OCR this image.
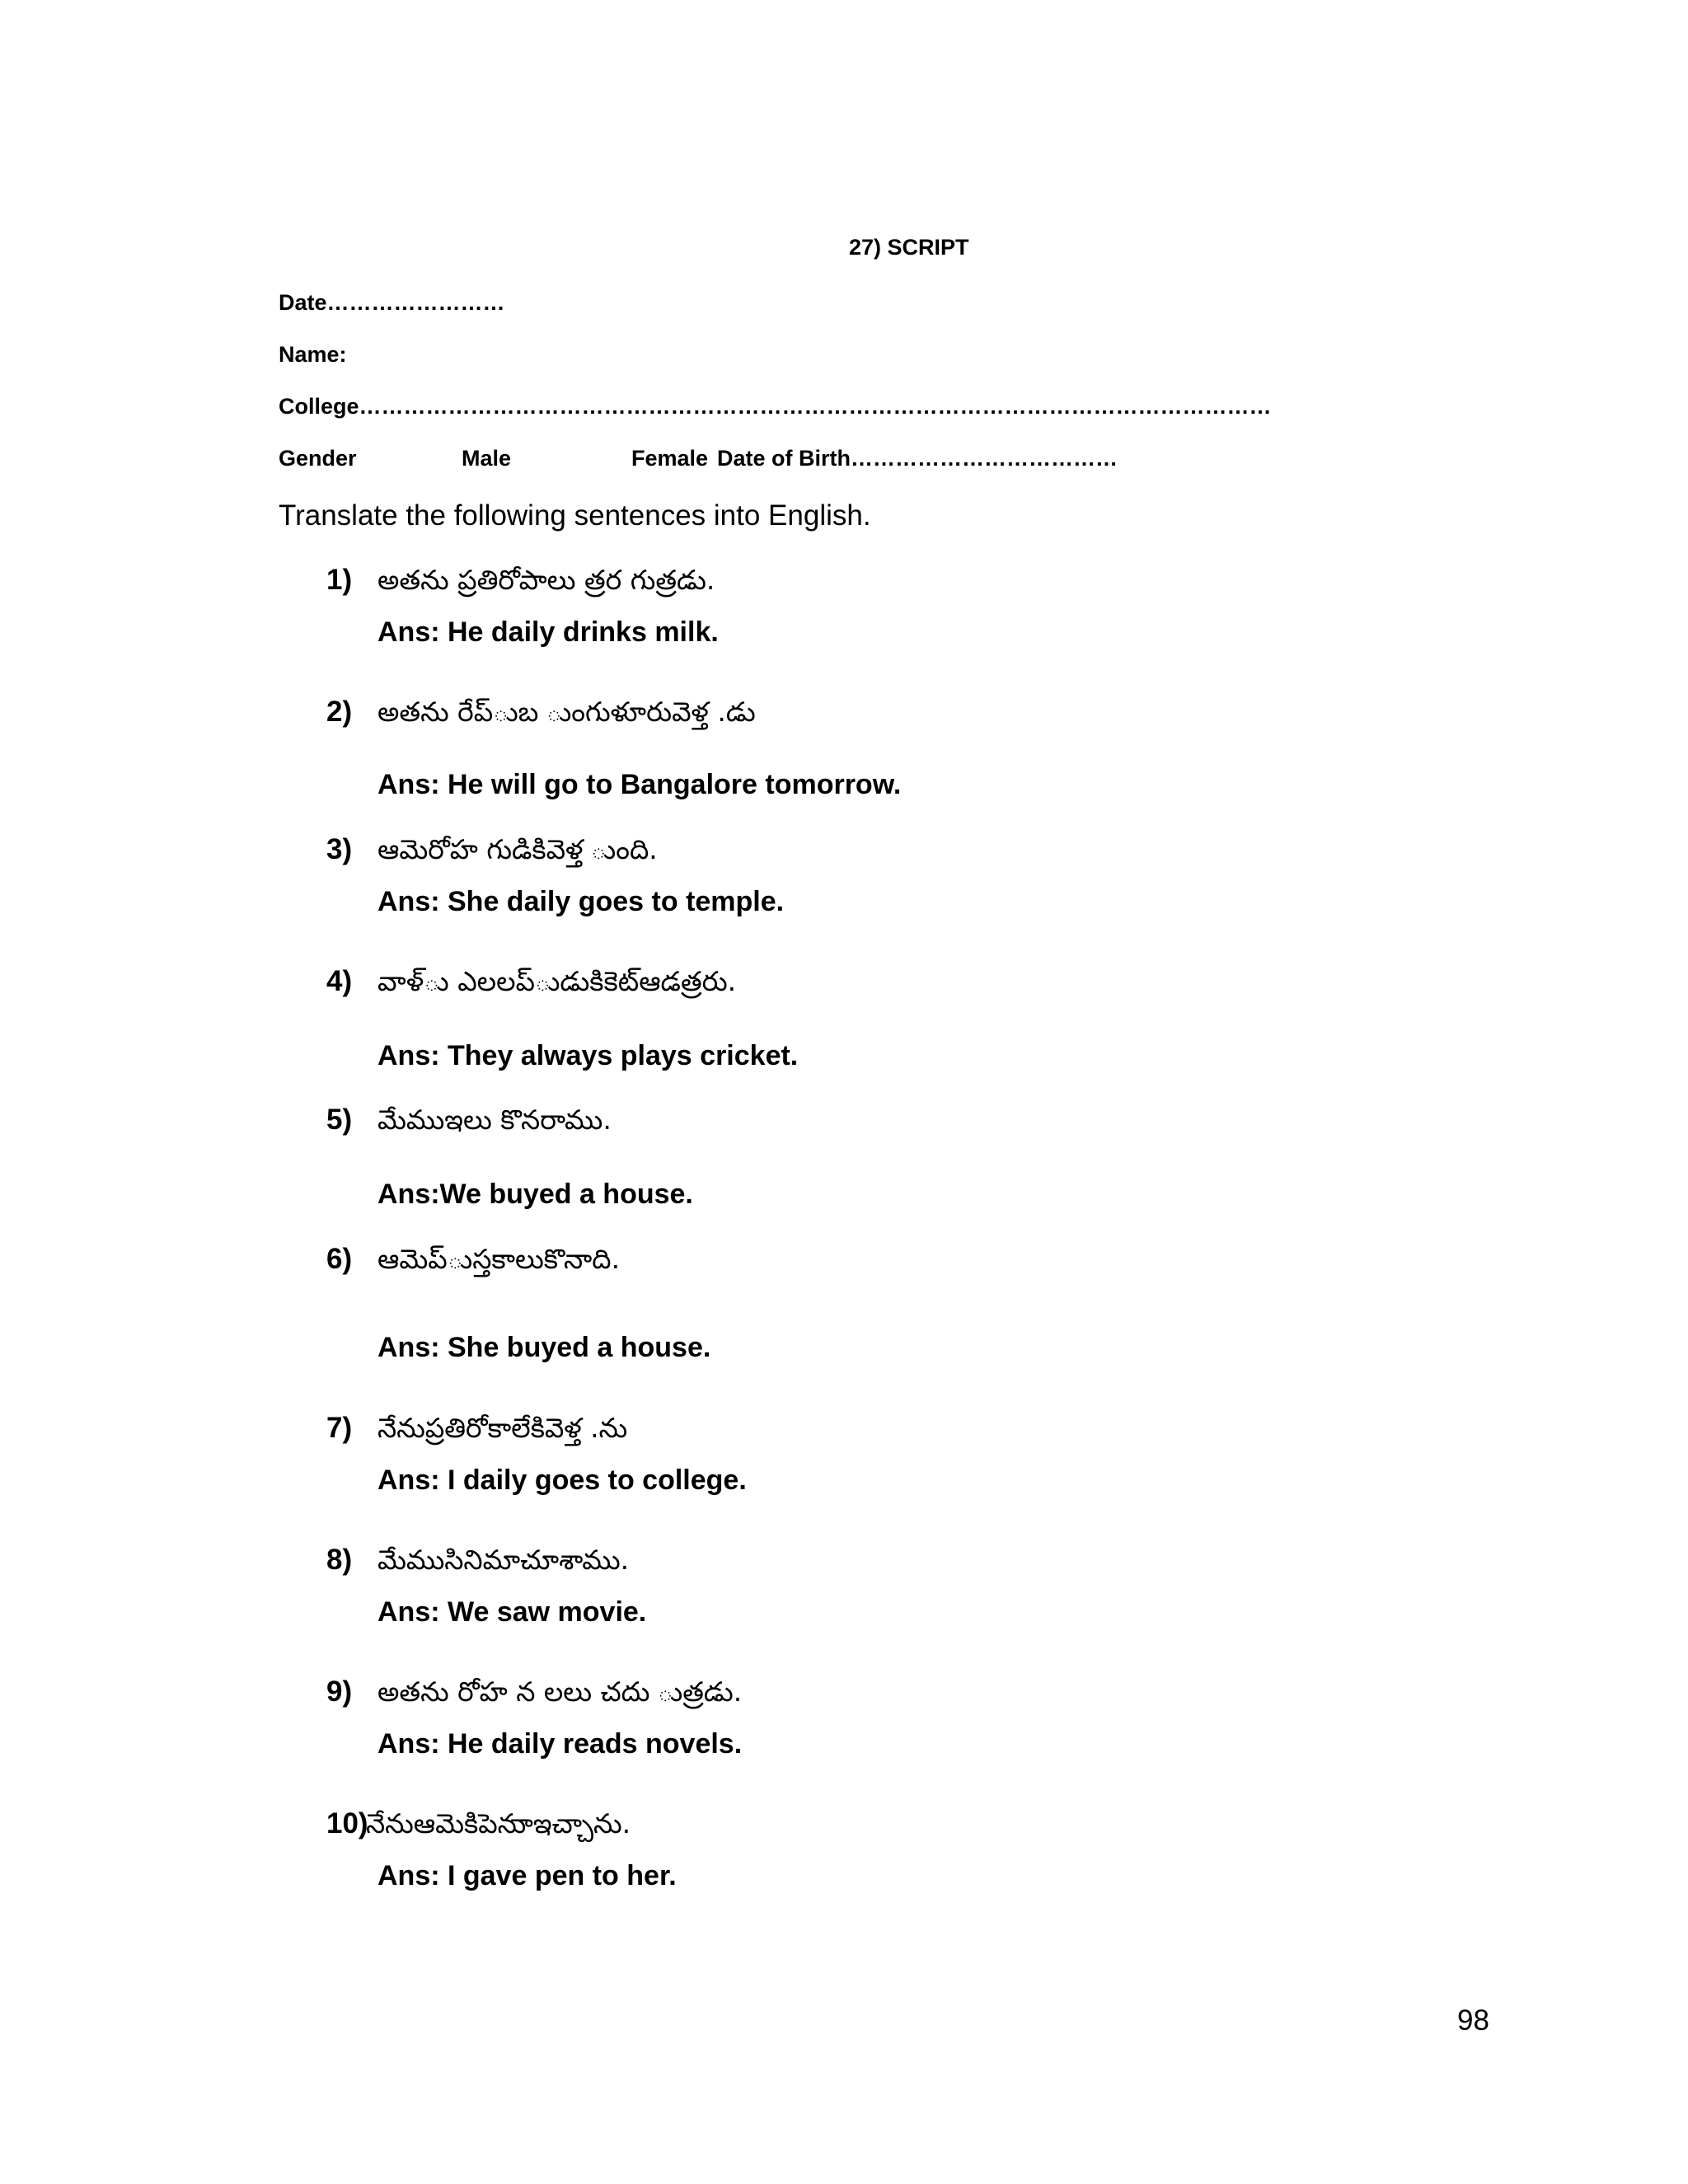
27) SCRIPT
Date……………………
Name:
College……………………………………………………………………………………………………………
Gender	Male	Female Date of Birth………………………………
Translate the following sentences into English.
1) అతను ప్రతిరోపాలు త్రర గుత్రడు.
Ans: He daily drinks milk.
2) అతను రేప్ుబ ుంగుళూరువెళ్త .డు
Ans: He will go to Bangalore tomorrow.
3) ఆమెరోహ గుడికివెళ్త ుంది.
Ans: She daily goes to temple.
4) వాళ్ు ఎలలప్ుడుకికెట్ఆడత్రరు.
Ans: They always plays cricket.
5) మేముఇలు కొనరాము.
Ans:We buyed a house.
6) ఆమెప్ుస్తకాలుకొనాది.
Ans: She buyed a house.
7) నేనుప్రతిరోకాలేకివెళ్త .ను
Ans: I daily goes to college.
8) మేముసినిమాచూశాము.
Ans: We saw movie.
9) అతను రోహ న లలు చదు ుత్రడు.
Ans: He daily reads novels.
10)
నేనుఆమెకిపెనుాఇచ్చాను.
Ans: I gave pen to her.
98
